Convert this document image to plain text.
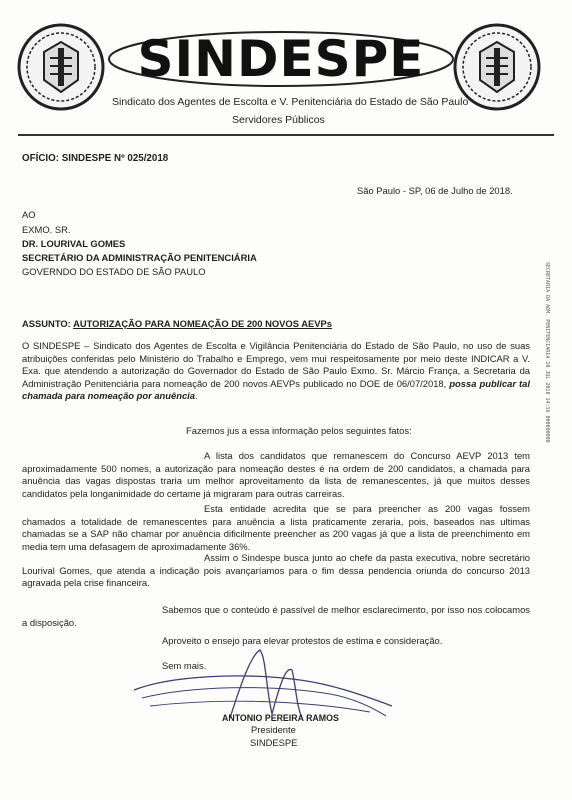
SINDESPE
Sindicato dos Agentes de Escolta e V. Penitenciária do Estado de São Paulo
Servidores Públicos
OFÍCIO: SINDESPE Nº 025/2018
São Paulo - SP, 06 de Julho de 2018.
AO
EXMO. SR.
DR. LOURIVAL GOMES
SECRETÁRIO DA ADMINISTRAÇÃO PENITENCIÁRIA
GOVERNDO DO ESTADO DE SÃO PAULO
ASSUNTO: AUTORIZAÇÃO PARA NOMEAÇÃO DE 200 NOVOS AEVPs
O SINDESPE – Sindicato dos Agentes de Escolta e Vigilância Penitenciária do Estado de São Paulo, no uso de suas atribuições conferidas pelo Ministério do Trabalho e Emprego, vem mui respeitosamente por meio deste INDICAR a V. Exa. que atendendo a autorização do Governador do Estado de São Paulo Exmo. Sr. Márcio França, a Secretaria da Administração Penitenciária para nomeação de 200 novos AEVPs publicado no DOE de 06/07/2018, possa publicar tal chamada para nomeação por anuência.
Fazemos jus a essa informação pelos seguintes fatos:
A lista dos candidatos que remanescem do Concurso AEVP 2013 tem aproximadamente 500 nomes, a autorização para nomeação destes é na ordem de 200 candidatos, a chamada para anuência das vagas dispostas traria um melhor aproveitamento da lista de remanescentes, já que muitos desses candidatos pela longanimidade do certame já migraram para outras carreiras.
Esta entidade acredita que se para preencher as 200 vagas fossem chamados a totalidade de remanescentes para anuência a lista praticamente zeraria, pois, baseados nas ultimas chamadas se a SAP não chamar por anuência dificilmente preencher as 200 vagas já que a lista de preenchimento em media tem uma defasagem de aproximadamente 36%.
Assim o Sindespe busca junto ao chefe da pasta executiva, nobre secretário Lourival Gomes, que atenda a indicação pois avançaríamos para o fim dessa pendencia oriunda do concurso 2013 agravada pela crise financeira.
Sabemos que o conteúdo é passível de melhor esclarecimento, por isso nos colocamos a disposição.
Aproveito o ensejo para elevar protestos de estima e consideração.
Sem mais.
ANTONIO PEREIRA RAMOS
Presidente
SINDESPE
SECRETARIA DA ADM. PENITENCIÁRIA 10 JUL 2018 14:16 000000000
